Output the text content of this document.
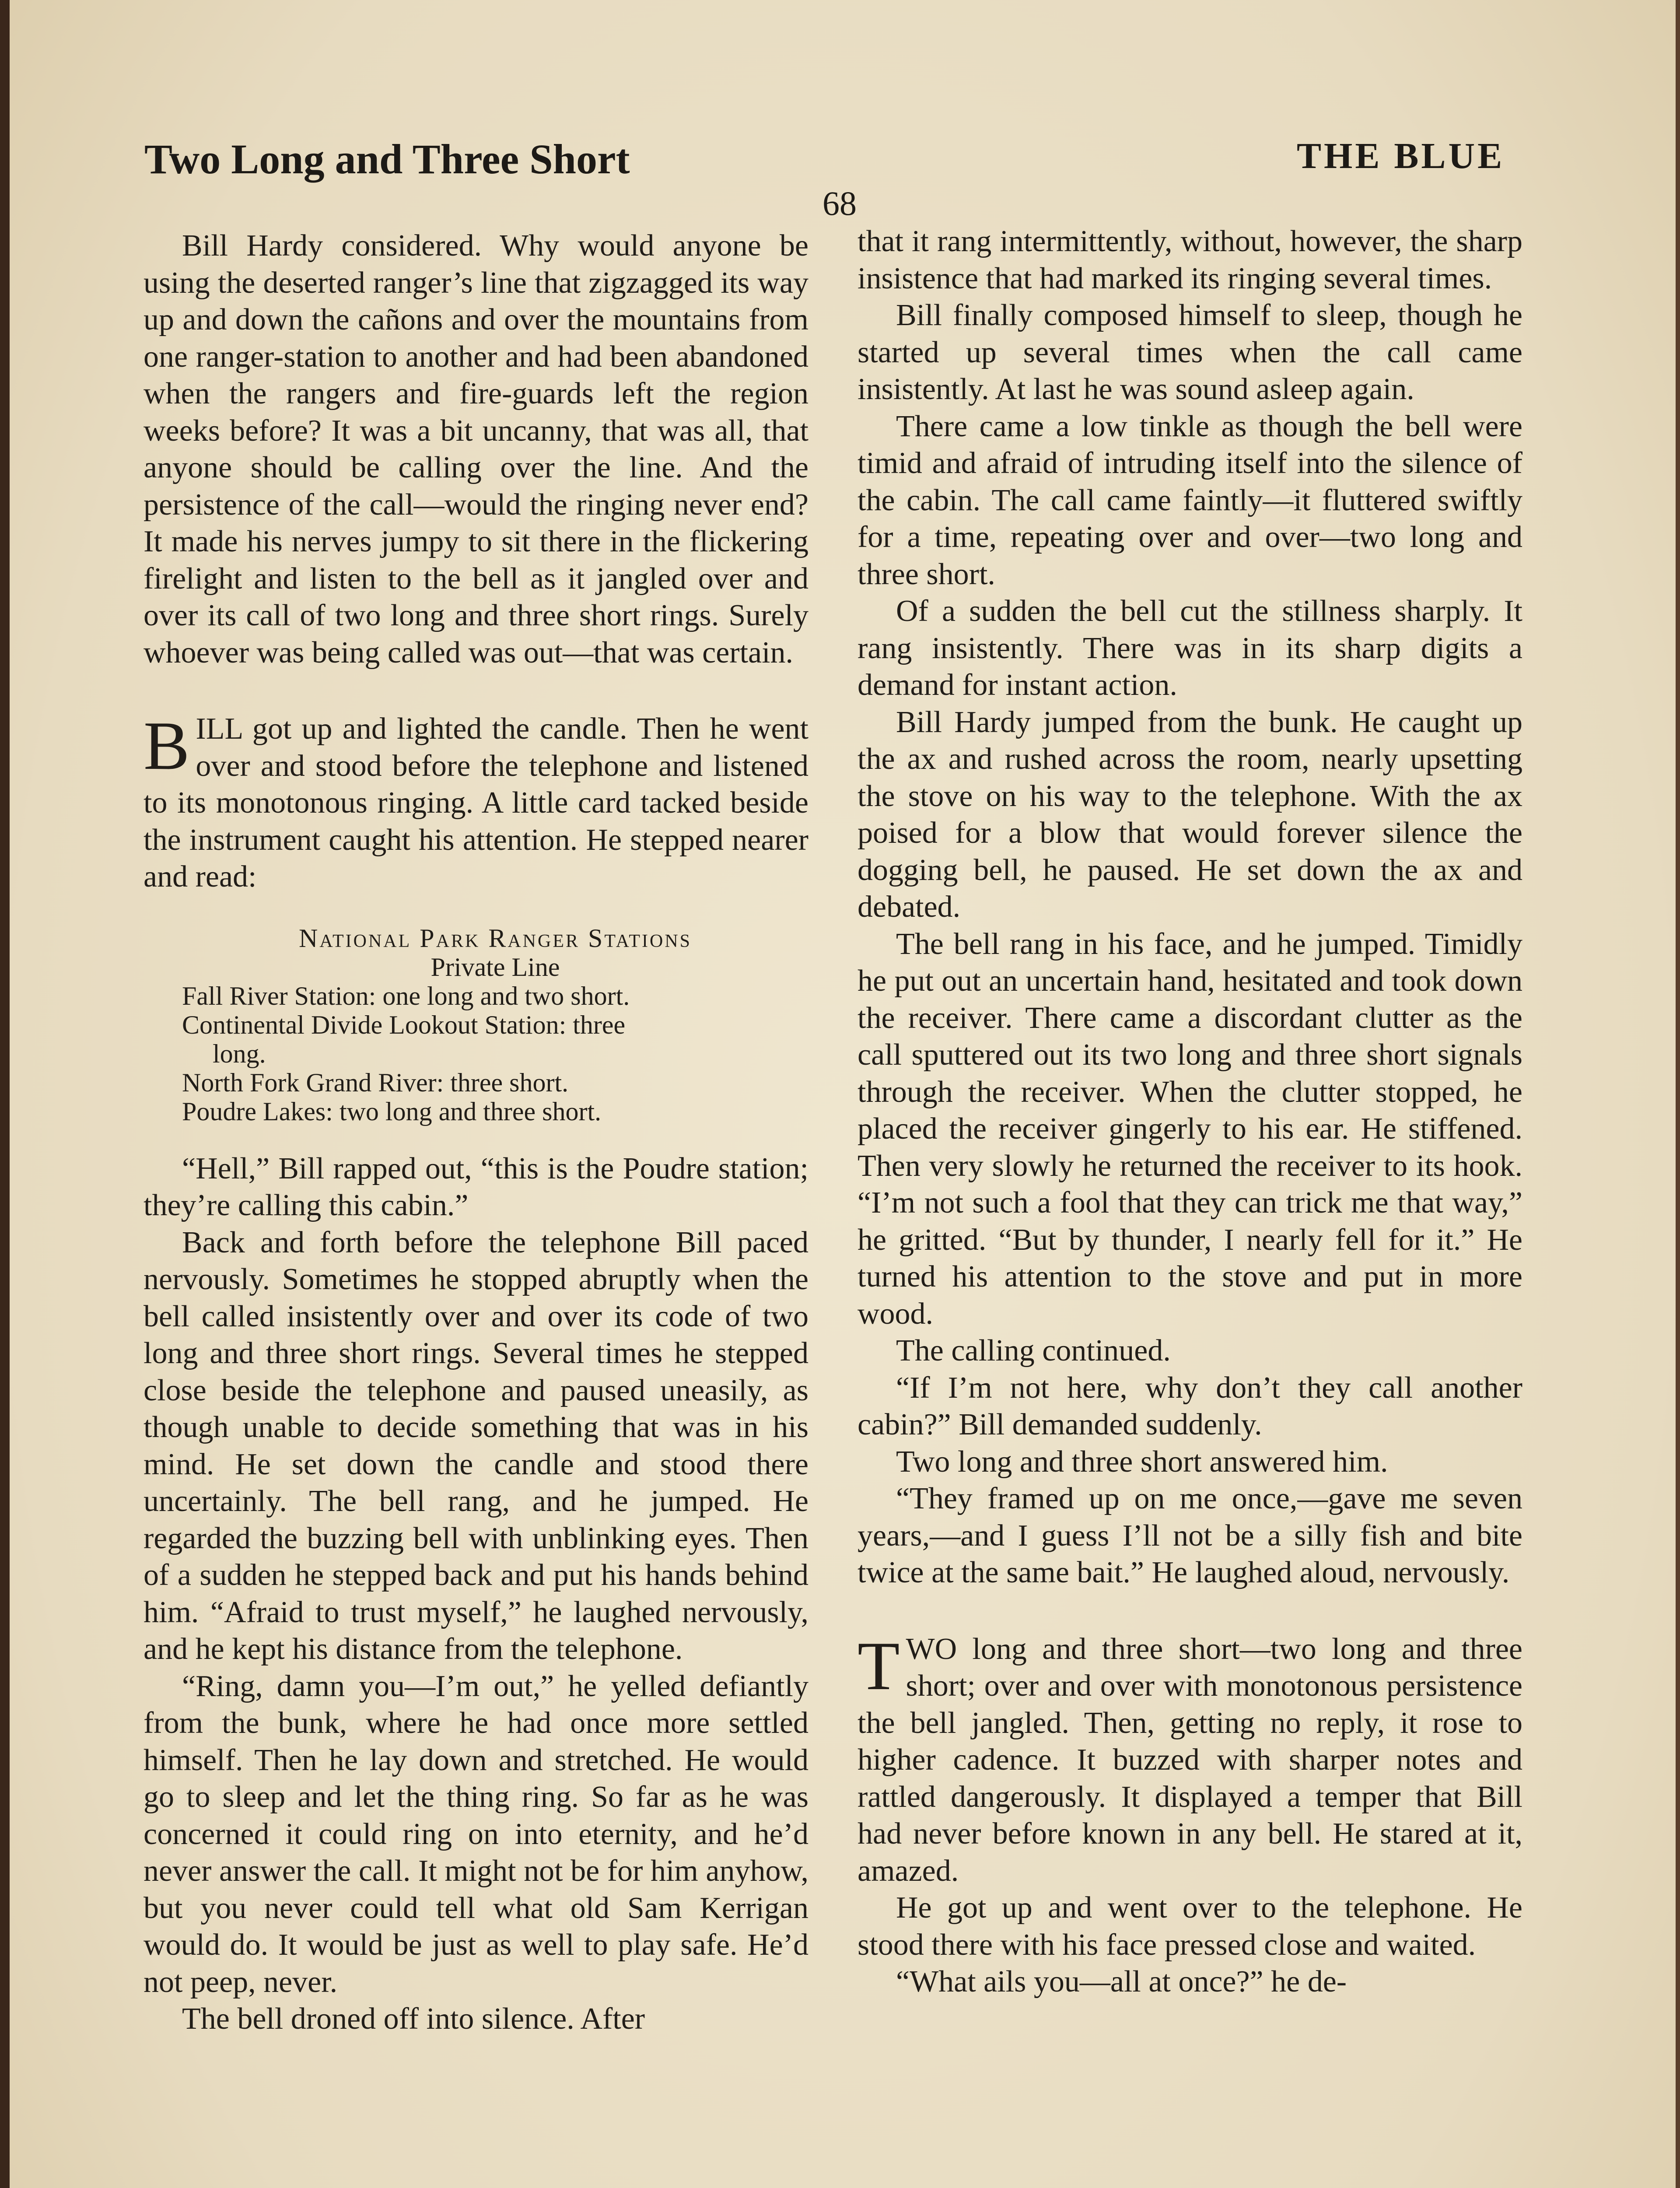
Two Long and Three Short	THE BLUE
68

Bill Hardy considered. Why would anyone be using the deserted ranger’s line that zigzagged its way up and down the cañons and over the mountains from one ranger-station to another and had been abandoned when the rangers and fire-guards left the region weeks before? It was a bit uncanny, that was all, that anyone should be calling over the line. And the persistence of the call—would the ringing never end? It made his nerves jumpy to sit there in the flickering firelight and listen to the bell as it jangled over and over its call of two long and three short rings. Surely whoever was being called was out—that was certain.

BILL got up and lighted the candle. Then he went over and stood before the telephone and listened to its monotonous ringing. A little card tacked beside the instrument caught his attention. He stepped nearer and read:

National Park Ranger Stations

Private Line

Fall River Station: one long and two short.

Continental Divide Lookout Station: three
long.

North Fork Grand River: three short.

Poudre Lakes: two long and three short.

“Hell,” Bill rapped out, “this is the Poudre station; they’re calling this cabin.”

Back and forth before the telephone Bill paced nervously. Sometimes he stopped abruptly when the bell called insistently over and over its code of two long and three short rings. Several times he stepped close beside the telephone and paused uneasily, as though unable to decide something that was in his mind. He set down the candle and stood there uncertainly. The bell rang, and he jumped. He regarded the buzzing bell with unblinking eyes. Then of a sudden he stepped back and put his hands behind him. “Afraid to trust myself,” he laughed nervously, and he kept his distance from the telephone.

“Ring, damn you—I’m out,” he yelled defiantly from the bunk, where he had once more settled himself. Then he lay down and stretched. He would go to sleep and let the thing ring. So far as he was concerned it could ring on into eternity, and he’d never answer the call. It might not be for him anyhow, but you never could tell what old Sam Kerrigan would do. It would be just as well to play safe. He’d not peep, never.

The bell droned off into silence. After

that it rang intermittently, without, however, the sharp insistence that had marked its ringing several times.

Bill finally composed himself to sleep, though he started up several times when the call came insistently. At last he was sound asleep again.

There came a low tinkle as though the bell were timid and afraid of intruding itself into the silence of the cabin. The call came faintly—it fluttered swiftly for a time, repeating over and over—two long and three short.

Of a sudden the bell cut the stillness sharply. It rang insistently. There was in its sharp digits a demand for instant action.

Bill Hardy jumped from the bunk. He caught up the ax and rushed across the room, nearly upsetting the stove on his way to the telephone. With the ax poised for a blow that would forever silence the dogging bell, he paused. He set down the ax and debated.

The bell rang in his face, and he jumped. Timidly he put out an uncertain hand, hesitated and took down the receiver. There came a discordant clutter as the call sputtered out its two long and three short signals through the receiver. When the clutter stopped, he placed the receiver gingerly to his ear. He stiffened. Then very slowly he returned the receiver to its hook. “I’m not such a fool that they can trick me that way,” he gritted. “But by thunder, I nearly fell for it.” He turned his attention to the stove and put in more wood.

The calling continued.

“If I’m not here, why don’t they call another cabin?” Bill demanded suddenly.

Two long and three short answered him.

“They framed up on me once,—gave me seven years,—and I guess I’ll not be a silly fish and bite twice at the same bait.” He laughed aloud, nervously.

TWO long and three short—two long and three short; over and over with monotonous persistence the bell jangled. Then, getting no reply, it rose to higher cadence. It buzzed with sharper notes and rattled dangerously. It displayed a temper that Bill had never before known in any bell. He stared at it, amazed.

He got up and went over to the telephone. He stood there with his face pressed close and waited.

“What ails you—all at once?” he de-
